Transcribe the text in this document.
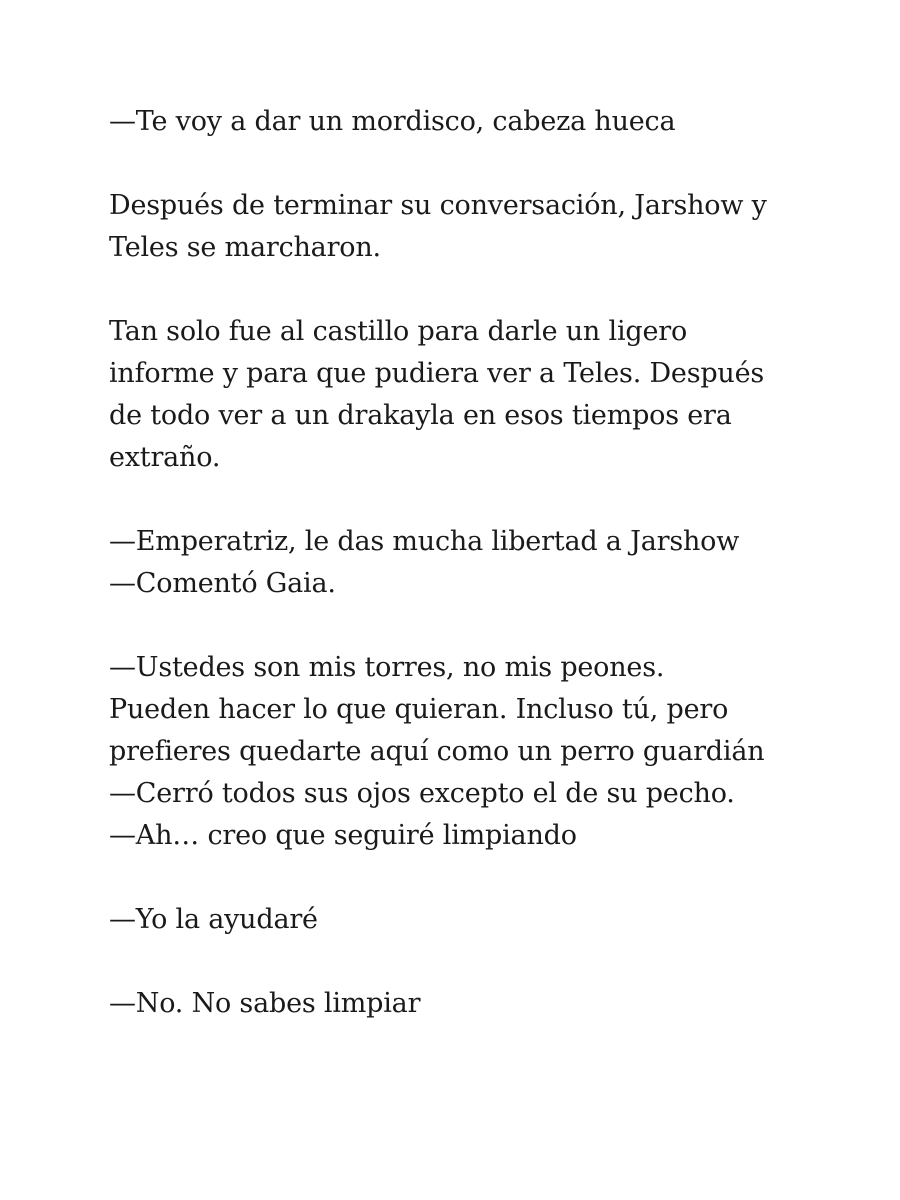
—Te voy a dar un mordisco, cabeza hueca

Después de terminar su conversación, Jarshow y
Teles se marcharon.

Tan solo fue al castillo para darle un ligero
informe y para que pudiera ver a Teles. Después
de todo ver a un drakayla en esos tiempos era
extraño.

—Emperatriz, le das mucha libertad a Jarshow
—Comentó Gaia.

—Ustedes son mis torres, no mis peones.
Pueden hacer lo que quieran. Incluso tú, pero
prefieres quedarte aquí como un perro guardián
—Cerró todos sus ojos excepto el de su pecho.
—Ah… creo que seguiré limpiando

—Yo la ayudaré

—No. No sabes limpiar
